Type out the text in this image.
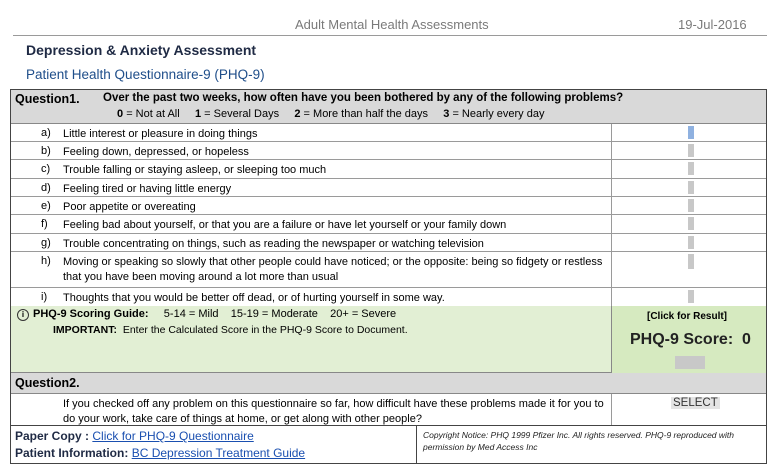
Adult Mental Health Assessments	19-Jul-2016
Depression & Anxiety Assessment
Patient Health Questionnaire-9 (PHQ-9)
Question1. Over the past two weeks, how often have you been bothered by any of the following problems?
0 = Not at All 1 = Several Days 2 = More than half the days 3 = Nearly every day
a) Little interest or pleasure in doing things
b) Feeling down, depressed, or hopeless
c) Trouble falling or staying asleep, or sleeping too much
d) Feeling tired or having little energy
e) Poor appetite or overeating
f) Feeling bad about yourself, or that you are a failure or have let yourself or your family down
g) Trouble concentrating on things, such as reading the newspaper or watching television
h) Moving or speaking so slowly that other people could have noticed; or the opposite: being so fidgety or restless that you have been moving around a lot more than usual
i) Thoughts that you would be better off dead, or of hurting yourself in some way.
i PHQ-9 Scoring Guide: 5-14 = Mild    15-19 = Moderate    20+ = Severe
IMPORTANT: Enter the Calculated Score in the PHQ-9 Score to Document.
[Click for Result]
PHQ-9 Score: 0
Question2.
If you checked off any problem on this questionnaire so far, how difficult have these problems made it for you to do your work, take care of things at home, or get along with other people?
SELECT
Paper Copy : Click for PHQ-9 Questionnaire
Patient Information: BC Depression Treatment Guide
Copyright Notice: PHQ 1999 Pfizer Inc. All rights reserved. PHQ-9 reproduced with permission by Med Access Inc
